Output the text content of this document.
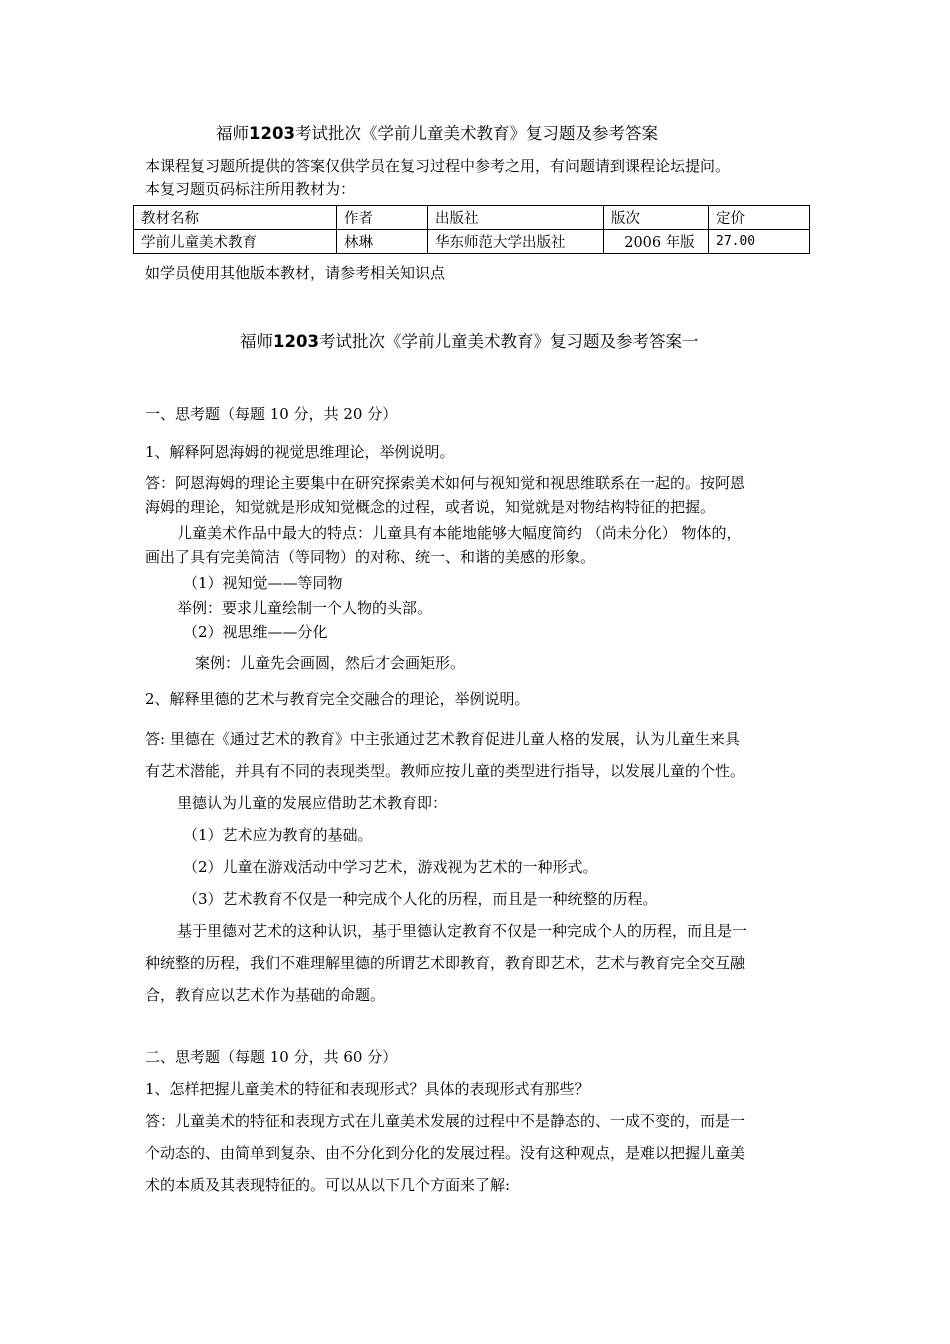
福师1203考试批次《学前儿童美术教育》复习题及参考答案
本课程复习题所提供的答案仅供学员在复习过程中参考之用，有问题请到课程论坛提问。
本复习题页码标注所用教材为：
教材名称	作者	出版社	版次	定价
学前儿童美术教育	林琳	华东师范大学出版社	2006 年版	27.00
如学员使用其他版本教材，请参考相关知识点
福师1203考试批次《学前儿童美术教育》复习题及参考答案一
一、思考题（每题 10 分，共 20 分）
1、解释阿恩海姆的视觉思维理论，举例说明。
答：阿恩海姆的理论主要集中在研究探索美术如何与视知觉和视思维联系在一起的。按阿恩
海姆的理论，知觉就是形成知觉概念的过程，或者说，知觉就是对物结构特征的把握。
儿童美术作品中最大的特点：儿童具有本能地能够大幅度简约 （尚未分化） 物体的，
画出了具有完美简洁（等同物）的对称、统一、和谐的美感的形象。
（1）视知觉——等同物
举例：要求儿童绘制一个人物的头部。
（2）视思维——分化
案例：儿童先会画圆，然后才会画矩形。
2、解释里德的艺术与教育完全交融合的理论，举例说明。
答: 里德在《通过艺术的教育》中主张通过艺术教育促进儿童人格的发展，认为儿童生来具
有艺术潜能，并具有不同的表现类型。教师应按儿童的类型进行指导，以发展儿童的个性。
里德认为儿童的发展应借助艺术教育即：
（1）艺术应为教育的基础。
（2）儿童在游戏活动中学习艺术，游戏视为艺术的一种形式。
（3）艺术教育不仅是一种完成个人化的历程，而且是一种统整的历程。
基于里德对艺术的这种认识，基于里德认定教育不仅是一种完成个人的历程，而且是一
种统整的历程，我们不难理解里德的所谓艺术即教育，教育即艺术，艺术与教育完全交互融
合，教育应以艺术作为基础的命题。
二、思考题（每题 10 分，共 60 分）
1、怎样把握儿童美术的特征和表现形式？具体的表现形式有那些？
答：儿童美术的特征和表现方式在儿童美术发展的过程中不是静态的、一成不变的，而是一
个动态的、由简单到复杂、由不分化到分化的发展过程。没有这种观点，是难以把握儿童美
术的本质及其表现特征的。可以从以下几个方面来了解:
